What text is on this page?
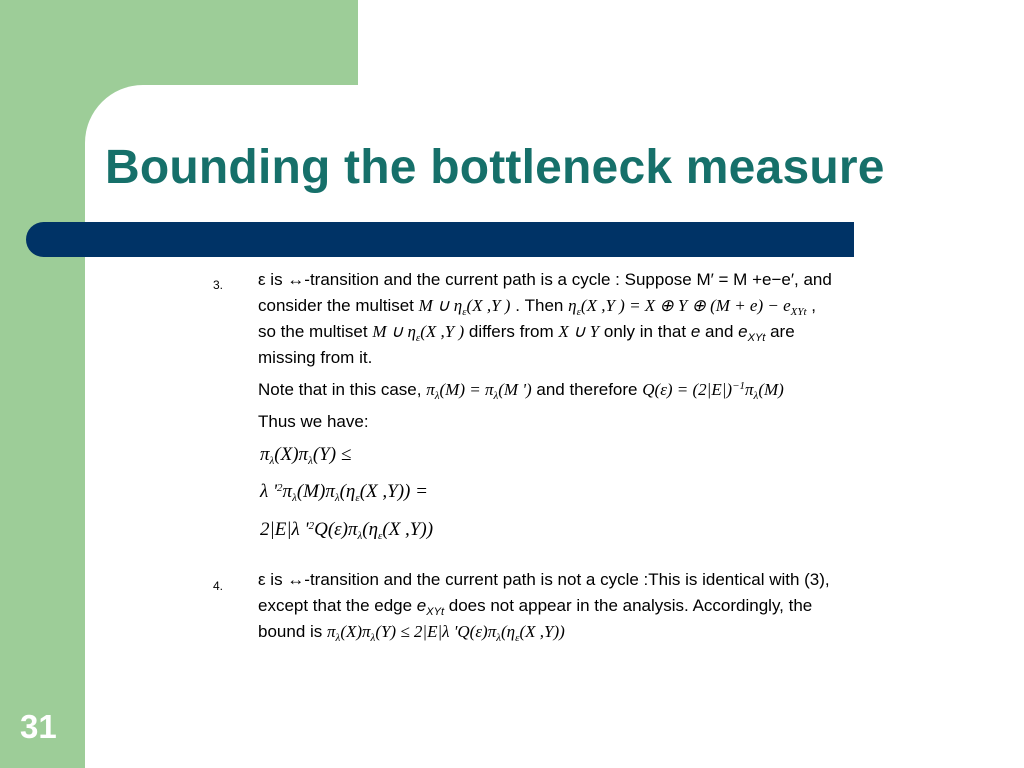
Bounding the bottleneck measure
31
3. ε is ↔-transition and the current path is a cycle : Suppose M′ = M +e−e′, and
consider the multiset M ∪ $\eta_\varepsilon(X$ ,Y ) . Then $\eta_\varepsilon(X$ ,Y ) = X ⊕ Y ⊕ $(M + e) - e_{XYt}$ ,
so the multiset M ∪ $\eta_\varepsilon(X$ ,Y ) differs from X ∪ Y only in that e and $e_{XYt}$ are
missing from it.
Note that in this case, $\pi_\lambda(M) = \pi_\lambda(M$ ') and therefore $Q(\varepsilon) = (2|E|)^{-1}\pi_\lambda(M)$
Thus we have:
$\pi_\lambda(X)\pi_\lambda(Y)$ ≤
λ '$^2\pi_\lambda(M)\pi_\lambda(\eta_\varepsilon(X$ ,Y)) =
2|E|λ '$^2Q(\varepsilon)\pi_\lambda(\eta_\varepsilon(X$ ,Y))
4. ε is ↔-transition and the current path is not a cycle :This is identical with (3),
except that the edge $e_{XYt}$ does not appear in the analysis. Accordingly, the
bound is $\pi_\lambda(X)\pi_\lambda(Y) \le 2|E|\lambda$ '$Q(\varepsilon)\pi_\lambda(\eta_\varepsilon(X$ ,Y))
